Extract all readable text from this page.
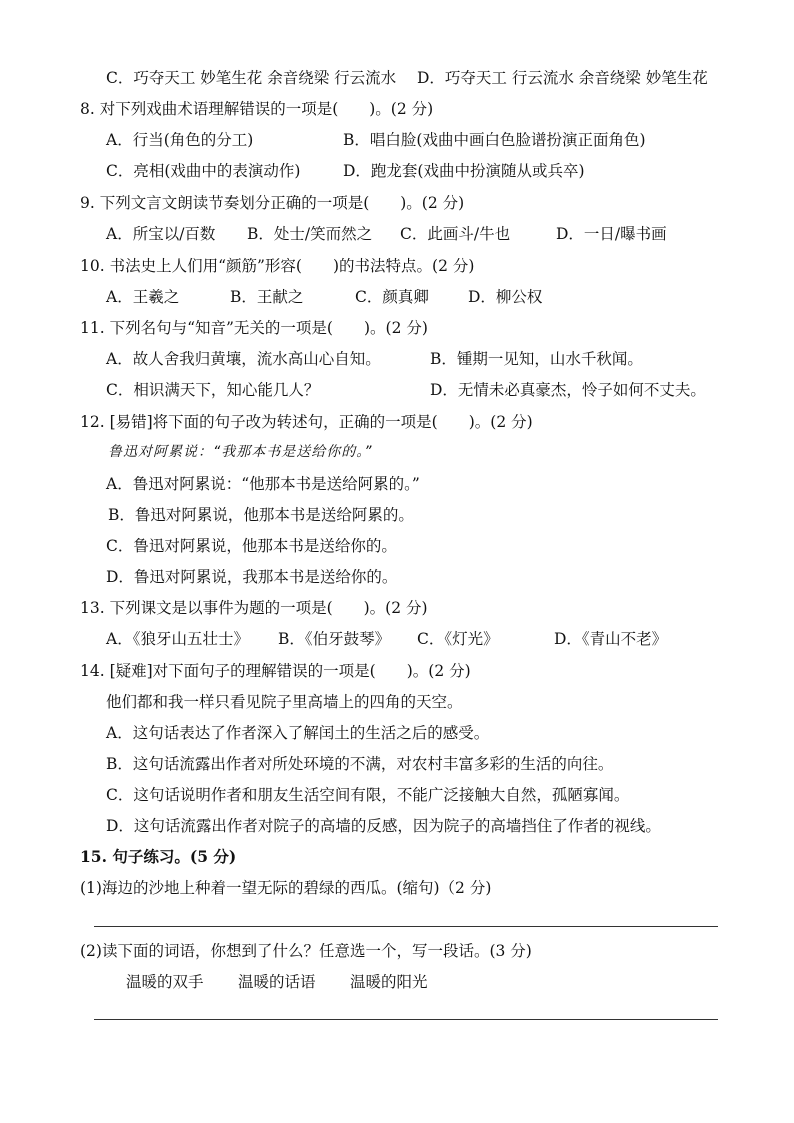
C．巧夺天工 妙笔生花 余音绕梁 行云流水 D．巧夺天工 行云流水 余音绕梁 妙笔生花
8. 对下列戏曲术语理解错误的一项是(　　)。(2 分)
A．行当(角色的分工)	B．唱白脸(戏曲中画白色脸谱扮演正面角色)
C．亮相(戏曲中的表演动作)	D．跑龙套(戏曲中扮演随从或兵卒)
9. 下列文言文朗读节奏划分正确的一项是(　　)。(2 分)
A．所宝以/百数 B．处士/笑而然之 C．此画斗/牛也	D．一日/曝书画
10. 书法史上人们用“颜筋”形容(　　)的书法特点。(2 分)
A．王羲之	B．王献之	C．颜真卿	D．柳公权
11. 下列名句与“知音”无关的一项是(　　)。(2 分)
A．故人舍我归黄壤，流水高山心自知。	B．锺期一见知，山水千秋闻。
C．相识满天下，知心能几人？	D．无情未必真豪杰，怜子如何不丈夫。
12. [易错]将下面的句子改为转述句，正确的一项是(　　)。(2 分)
鲁迅对阿累说：“我那本书是送给你的。”
A．鲁迅对阿累说：“他那本书是送给阿累的。”
B．鲁迅对阿累说，他那本书是送给阿累的。
C．鲁迅对阿累说，他那本书是送给你的。
D．鲁迅对阿累说，我那本书是送给你的。
13. 下列课文是以事件为题的一项是(　　)。(2 分)
A．《狼牙山五壮士》 B．《伯牙鼓琴》 C．《灯光》	D．《青山不老》
14. [疑难]对下面句子的理解错误的一项是(　　)。(2 分)
他们都和我一样只看见院子里高墙上的四角的天空。
A．这句话表达了作者深入了解闰土的生活之后的感受。
B．这句话流露出作者对所处环境的不满，对农村丰富多彩的生活的向往。
C．这句话说明作者和朋友生活空间有限，不能广泛接触大自然，孤陋寡闻。
D．这句话流露出作者对院子的高墙的反感，因为院子的高墙挡住了作者的视线。
15. 句子练习。(5 分)
(1)海边的沙地上种着一望无际的碧绿的西瓜。(缩句)（2 分)
(2)读下面的词语，你想到了什么？任意选一个，写一段话。(3 分)
温暖的双手 温暖的话语 温暖的阳光
